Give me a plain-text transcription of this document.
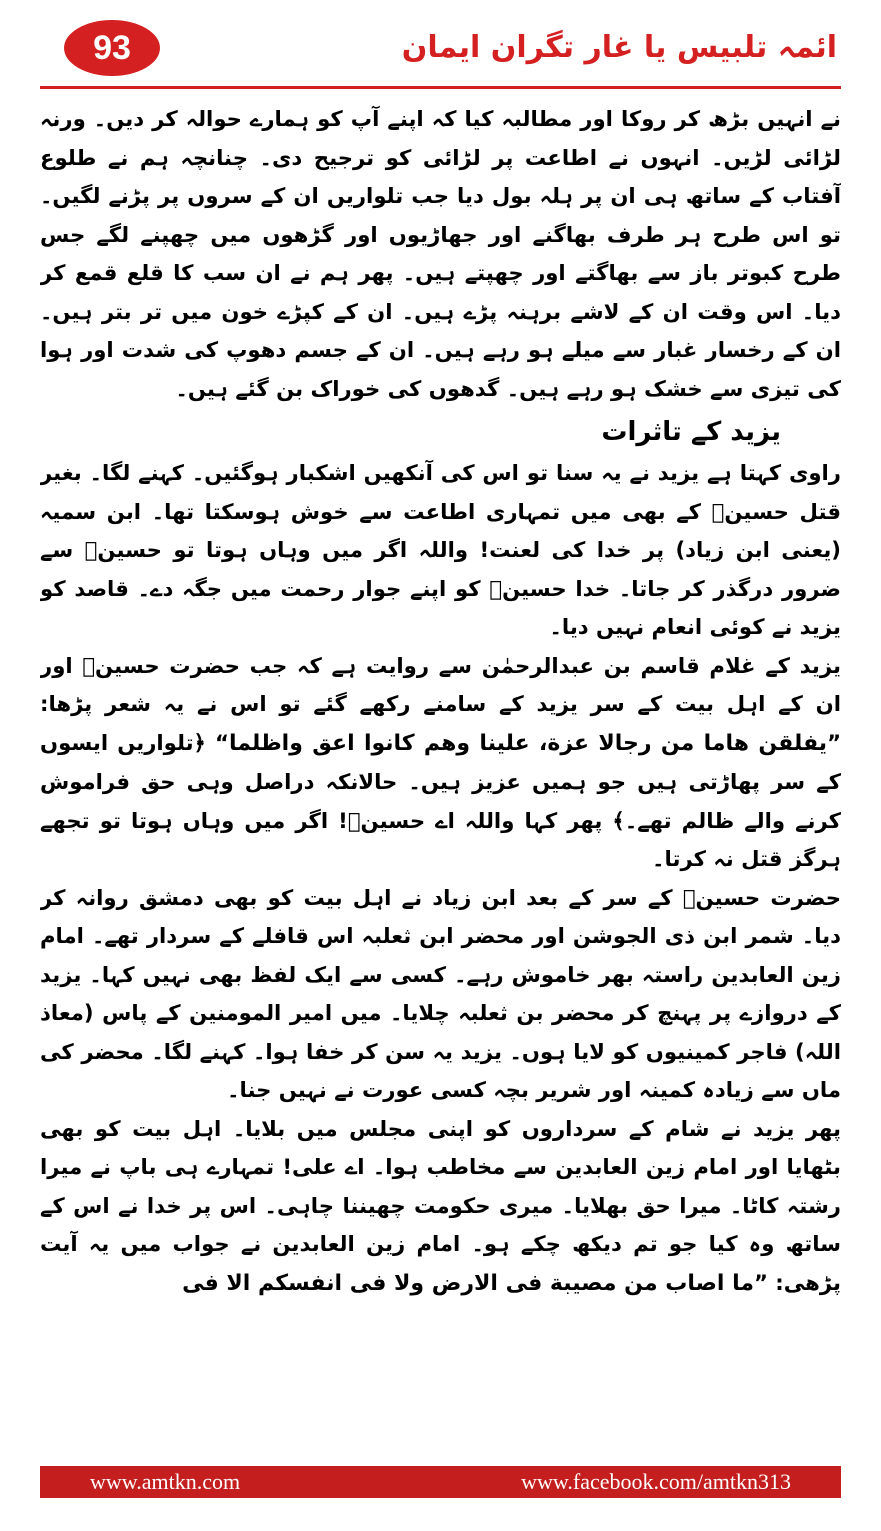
93	ائمہ تلبیس یا غار تگران ایمان

نے انہیں بڑھ کر روکا اور مطالبہ کیا کہ اپنے آپ کو ہمارے حوالہ کر دیں۔ ورنہ لڑائی لڑیں۔ انہوں نے اطاعت پر لڑائی کو ترجیح دی۔ چنانچہ ہم نے طلوع آفتاب کے ساتھ ہی ان پر ہلہ بول دیا جب تلواریں ان کے سروں پر پڑنے لگیں۔ تو اس طرح ہر طرف بھاگنے اور جھاڑیوں اور گڑھوں میں چھپنے لگے جس طرح کبوتر باز سے بھاگتے اور چھپتے ہیں۔ پھر ہم نے ان سب کا قلع قمع کر دیا۔ اس وقت ان کے لاشے برہنہ پڑے ہیں۔ ان کے کپڑے خون میں تر بتر ہیں۔ ان کے رخسار غبار سے میلے ہو رہے ہیں۔ ان کے جسم دھوپ کی شدت اور ہوا کی تیزی سے خشک ہو رہے ہیں۔ گدھوں کی خوراک بن گئے ہیں۔

یزید کے تاثرات

راوی کہتا ہے یزید نے یہ سنا تو اس کی آنکھیں اشکبار ہوگئیں۔ کہنے لگا۔ بغیر قتل حسینؓ کے بھی میں تمہاری اطاعت سے خوش ہوسکتا تھا۔ ابن سمیہ (یعنی ابن زیاد) پر خدا کی لعنت! واللہ اگر میں وہاں ہوتا تو حسینؓ سے ضرور درگذر کر جاتا۔ خدا حسینؓ کو اپنے جوار رحمت میں جگہ دے۔ قاصد کو یزید نے کوئی انعام نہیں دیا۔

یزید کے غلام قاسم بن عبدالرحمٰن سے روایت ہے کہ جب حضرت حسینؓ اور ان کے اہل بیت کے سر یزید کے سامنے رکھے گئے تو اس نے یہ شعر پڑھا: ”یفلقن هاما من رجالا عزة، علینا وهم کانوا اعق واظلما“ ﴿تلواریں ایسوں کے سر پھاڑتی ہیں جو ہمیں عزیز ہیں۔ حالانکہ دراصل وہی حق فراموش کرنے والے ظالم تھے۔﴾ پھر کہا واللہ اے حسینؓ! اگر میں وہاں ہوتا تو تجھے ہرگز قتل نہ کرتا۔

حضرت حسینؓ کے سر کے بعد ابن زیاد نے اہل بیت کو بھی دمشق روانہ کر دیا۔ شمر ابن ذی الجوشن اور محضر ابن ثعلبہ اس قافلے کے سردار تھے۔ امام زین العابدین راستہ بھر خاموش رہے۔ کسی سے ایک لفظ بھی نہیں کہا۔ یزید کے دروازے پر پہنچ کر محضر بن ثعلبہ چلایا۔ میں امیر المومنین کے پاس (معاذ اللہ) فاجر کمینیوں کو لایا ہوں۔ یزید یہ سن کر خفا ہوا۔ کہنے لگا۔ محضر کی ماں سے زیادہ کمینہ اور شریر بچہ کسی عورت نے نہیں جنا۔

پھر یزید نے شام کے سرداروں کو اپنی مجلس میں بلایا۔ اہل بیت کو بھی بٹھایا اور امام زین العابدین سے مخاطب ہوا۔ اے علی! تمہارے ہی باپ نے میرا رشتہ کاٹا۔ میرا حق بھلایا۔ میری حکومت چھیننا چاہی۔ اس پر خدا نے اس کے ساتھ وہ کیا جو تم دیکھ چکے ہو۔ امام زین العابدین نے جواب میں یہ آیت پڑھی: ”ما اصاب من مصیبة فی الارض ولا فی انفسکم الا فی

www.amtkn.com	www.facebook.com/amtkn313
